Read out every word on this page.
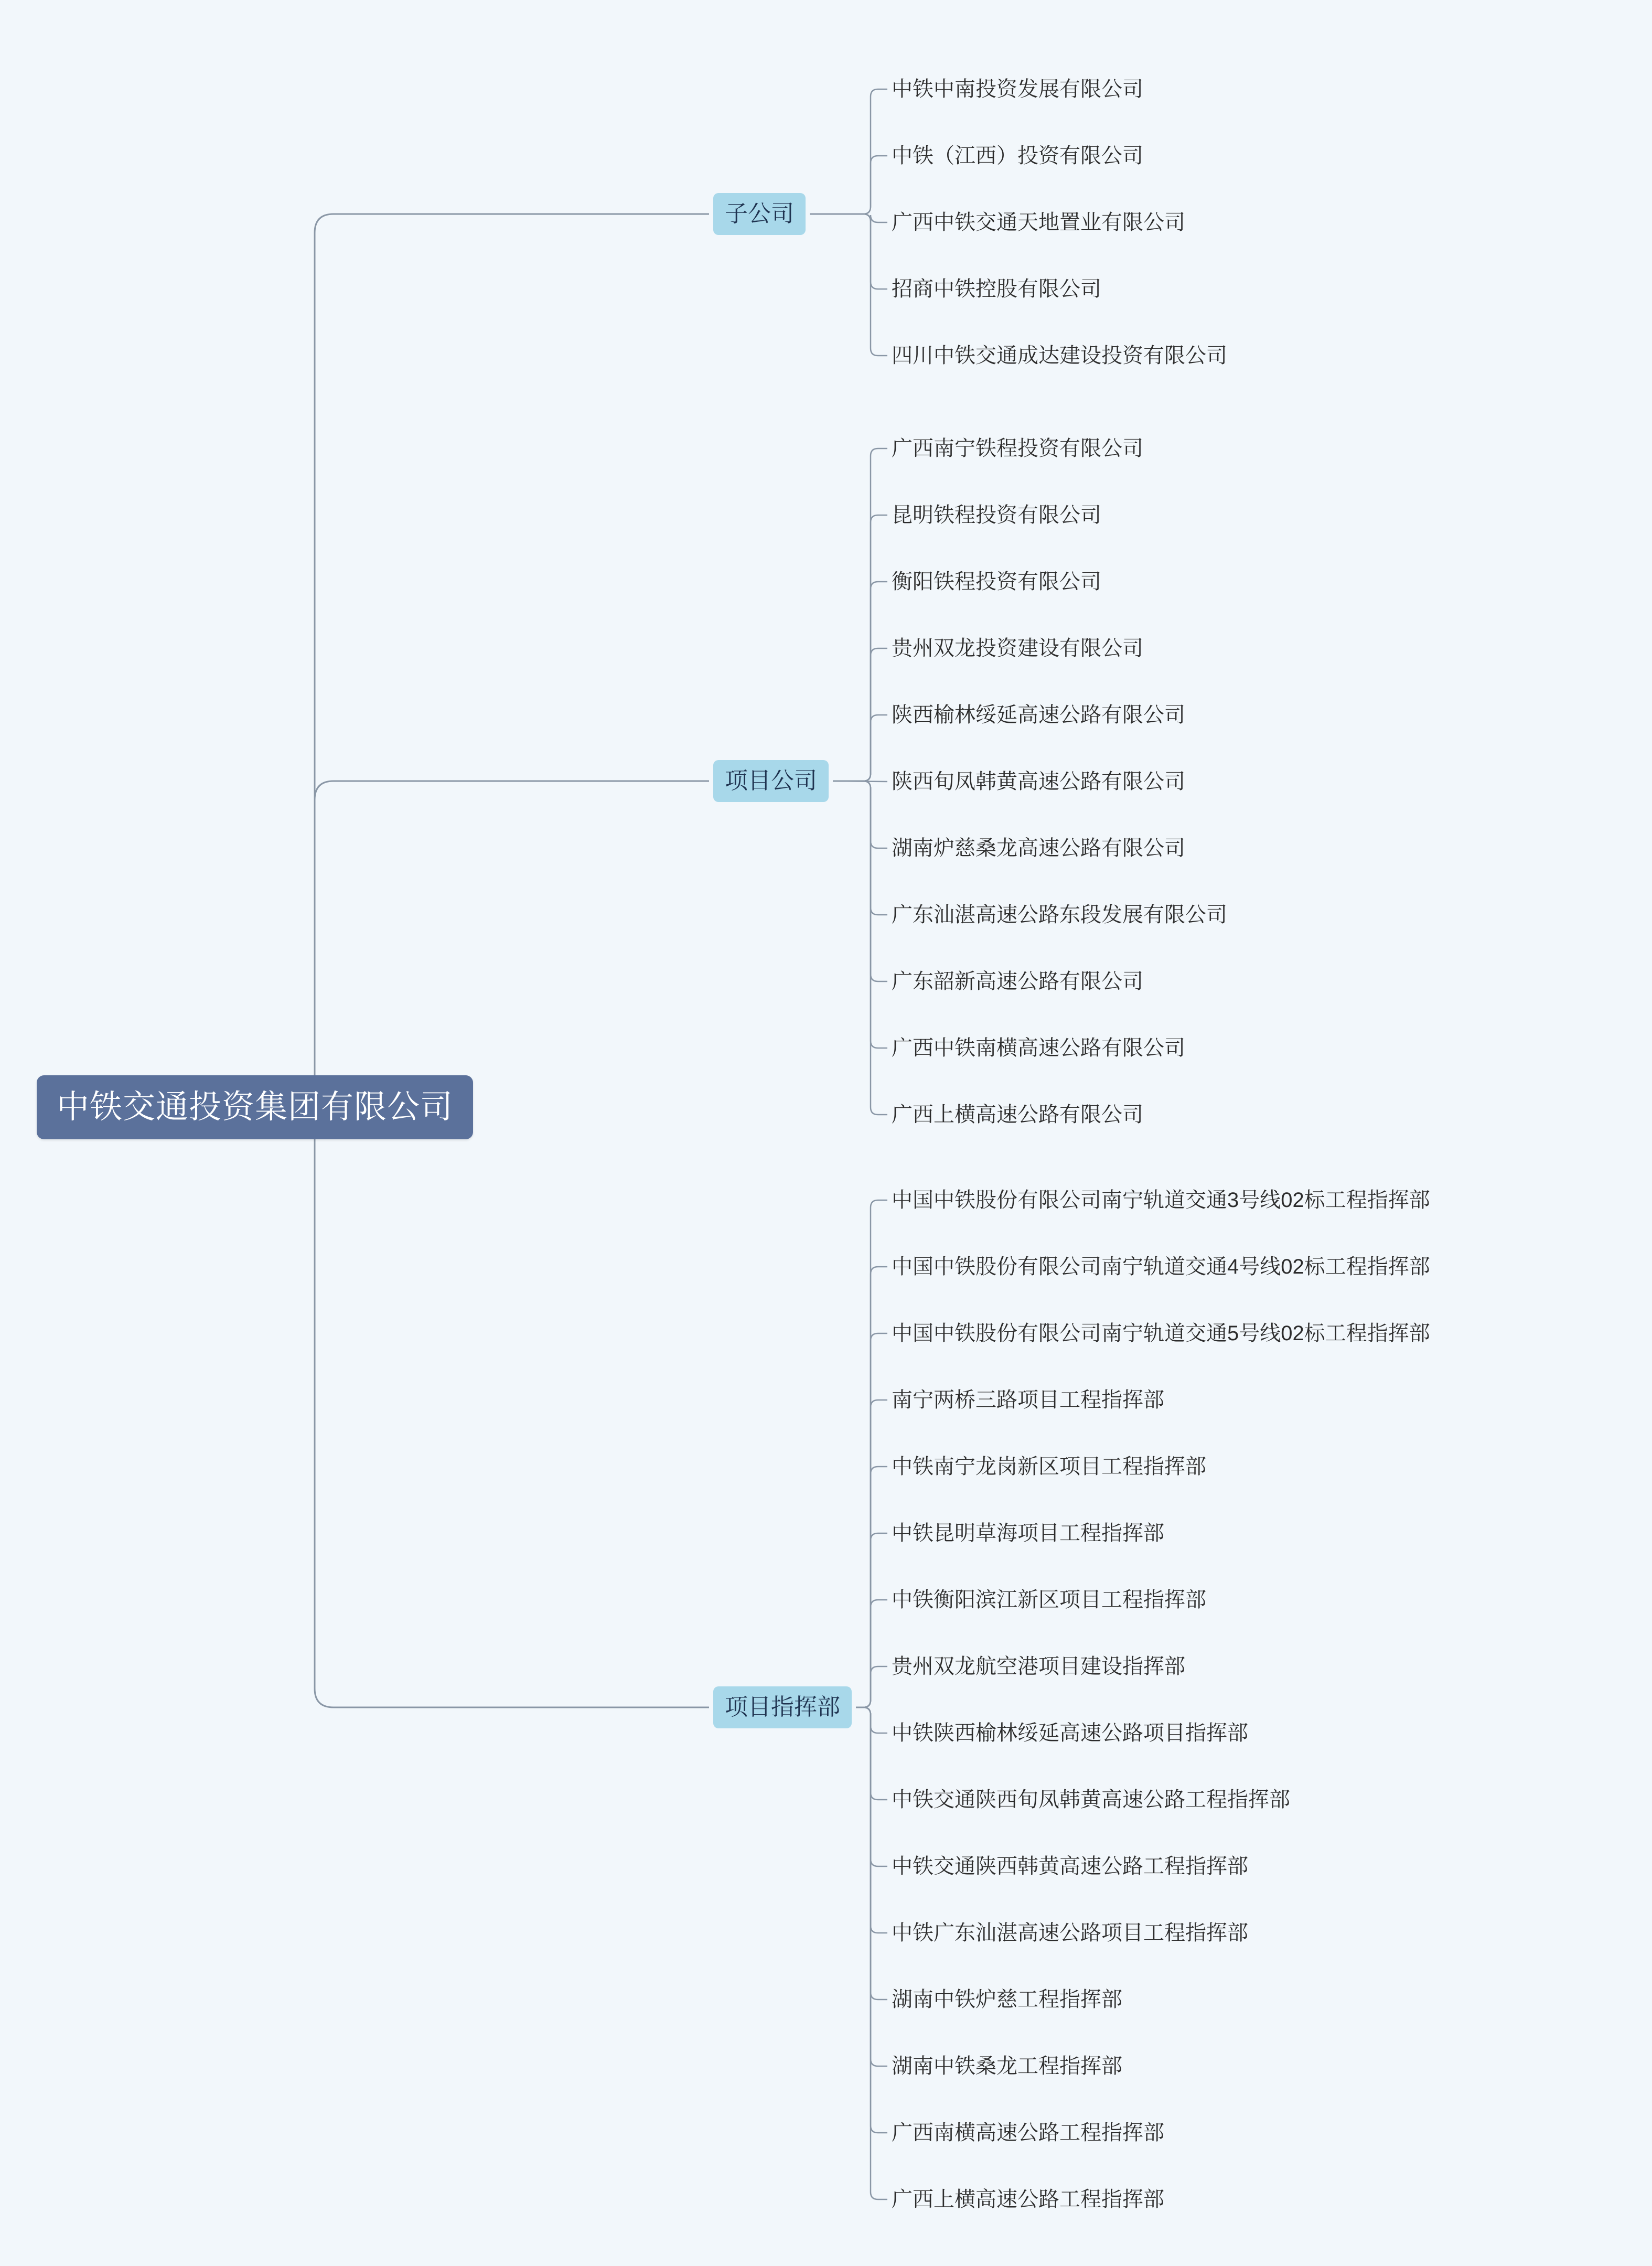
中铁交通投资集团有限公司
子公司
中铁中南投资发展有限公司
中铁（江西）投资有限公司
广西中铁交通天地置业有限公司
招商中铁控股有限公司
四川中铁交通成达建设投资有限公司
项目公司
广西南宁铁程投资有限公司
昆明铁程投资有限公司
衡阳铁程投资有限公司
贵州双龙投资建设有限公司
陕西榆林绥延高速公路有限公司
陕西旬凤韩黄高速公路有限公司
湖南炉慈桑龙高速公路有限公司
广东汕湛高速公路东段发展有限公司
广东韶新高速公路有限公司
广西中铁南横高速公路有限公司
广西上横高速公路有限公司
项目指挥部
中国中铁股份有限公司南宁轨道交通3号线02标工程指挥部
中国中铁股份有限公司南宁轨道交通4号线02标工程指挥部
中国中铁股份有限公司南宁轨道交通5号线02标工程指挥部
南宁两桥三路项目工程指挥部
中铁南宁龙岗新区项目工程指挥部
中铁昆明草海项目工程指挥部
中铁衡阳滨江新区项目工程指挥部
贵州双龙航空港项目建设指挥部
中铁陕西榆林绥延高速公路项目指挥部
中铁交通陕西旬凤韩黄高速公路工程指挥部
中铁交通陕西韩黄高速公路工程指挥部
中铁广东汕湛高速公路项目工程指挥部
湖南中铁炉慈工程指挥部
湖南中铁桑龙工程指挥部
广西南横高速公路工程指挥部
广西上横高速公路工程指挥部
